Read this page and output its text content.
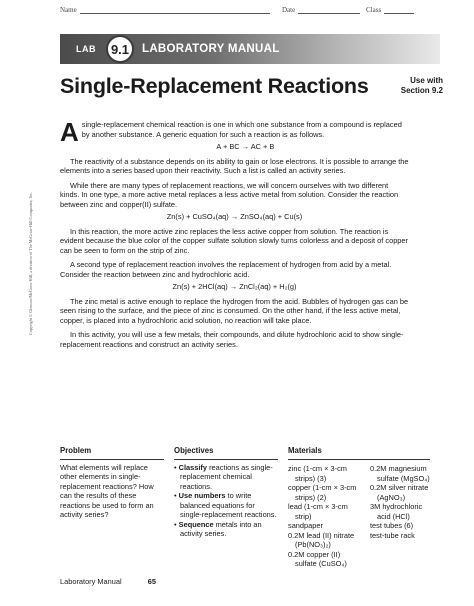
Name	Date	Class
LAB	9.1	LABORATORY MANUAL
Single-Replacement Reactions	Use with
Section 9.2

A single-replacement chemical reaction is one in which one substance from a compound is replaced by another substance. A generic equation for such a reaction is as follows.

A + BC → AC + B

The reactivity of a substance depends on its ability to gain or lose electrons. It is possible to arrange the elements into a series based upon their reactivity. Such a list is called an activity series.

While there are many types of replacement reactions, we will concern ourselves with two different kinds. In one type, a more active metal replaces a less active metal from solution. Consider the reaction between zinc and copper(II) sulfate.

Zn(s) + CuSO₄(aq) → ZnSO₄(aq) + Cu(s)

In this reaction, the more active zinc replaces the less active copper from solution. The reaction is evident because the blue color of the copper sulfate solution slowly turns colorless and a deposit of copper can be seen to form on the strip of zinc.

A second type of replacement reaction involves the replacement of hydrogen from acid by a metal. Consider the reaction between zinc and hydrochloric acid.

Zn(s) + 2HCl(aq) → ZnCl₂(aq) + H₂(g)

The zinc metal is active enough to replace the hydrogen from the acid. Bubbles of hydrogen gas can be seen rising to the surface, and the piece of zinc is consumed. On the other hand, if the less active metal, copper, is placed into a hydrochloric acid solution, no reaction will take place.

In this activity, you will use a few metals, their compounds, and dilute hydrochloric acid to show single-replacement reactions and construct an activity series.

Problem
What elements will replace other elements in single-replacement reactions? How can the results of these reactions be used to form an activity series?
Objectives
• Classify reactions as single-replacement chemical reactions.
• Use numbers to write balanced equations for single-replacement reactions.
• Sequence metals into an activity series.
Materials
zinc (1-cm × 3-cm strips) (3)
copper (1-cm × 3-cm strips) (2)
lead (1-cm × 3-cm strip)
sandpaper
0.2M lead (II) nitrate (Pb(NO₃)₂)
0.2M copper (II) sulfate (CuSO₄)
0.2M magnesium sulfate (MgSO₄)
0.2M silver nitrate (AgNO₃)
3M hydrochloric acid (HCl)
test tubes (6)
test-tube rack
Laboratory Manual	65
Copyright © Glencoe/McGraw-Hill, a division of The McGraw-Hill Companies, Inc.
